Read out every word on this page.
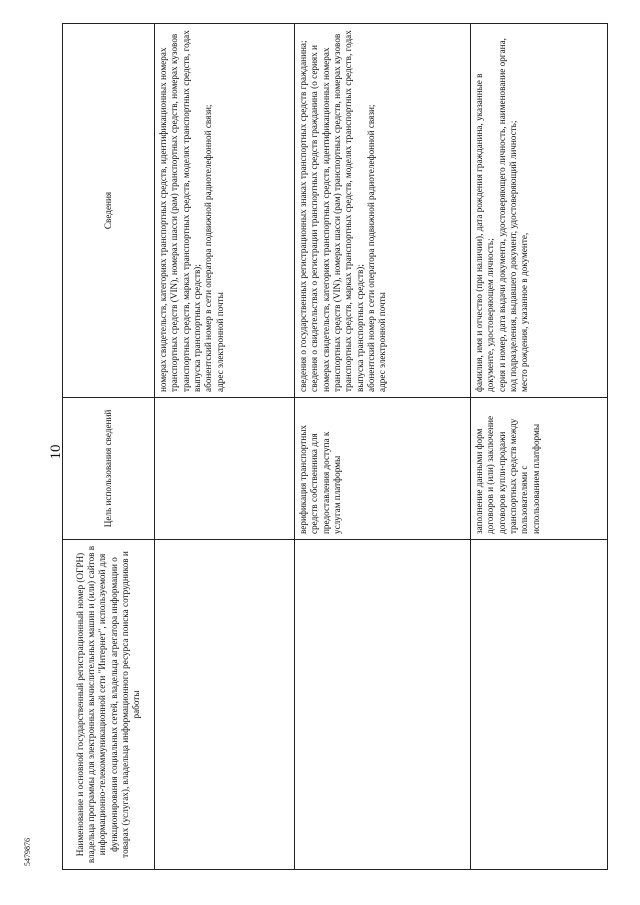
10
5479876	Наименование и основной государственный регистрационный номер (ОГРН) владельца программы для электронных вычислительных машин и (или) сайтов в информационно-телекоммуникационной сети "Интернет", используемой для функционирования социальных сетей, владельца агрегатора информации о товарах (услугах), владельца информационного ресурса поиска сотрудников и работы	Цель использования сведений	Сведения

		номерах свидетельств, категориях транспортных средств, идентификационных номерах транспортных средств (VIN), номерах шасси (рам) транспортных средств, номерах кузовов транспортных средств, марках транспортных средств, моделях транспортных средств, годах выпуска транспортных средств); абонентский номер в сети оператора подвижной радиотелефонной связи; адрес электронной почты

	верификация транспортных средств собственника для предоставления доступа к услугам платформы	сведения о государственных регистрационных знаках транспортных средств гражданина; сведения о свидетельствах о регистрации транспортных средств гражданина (о сериях и номерах свидетельств, категориях транспортных средств, идентификационных номерах транспортных средств (VIN), номерах шасси (рам) транспортных средств, номерах кузовов транспортных средств, марках транспортных средств, моделях транспортных средств, годах выпуска транспортных средств); абонентский номер в сети оператора подвижной радиотелефонной связи; адрес электронной почты

	заполнение данными форм договоров и (или) заключение договоров купли-продажи транспортных средств между пользователями с использованием платформы	фамилия, имя и отчество (при наличии), дата рождения гражданина, указанные в документе, удостоверяющем личность; серия и номер, дата выдачи документа, удостоверяющего личность, наименование органа, код подразделения, выдавшего документ, удостоверяющий личность; место рождения, указанное в документе,
